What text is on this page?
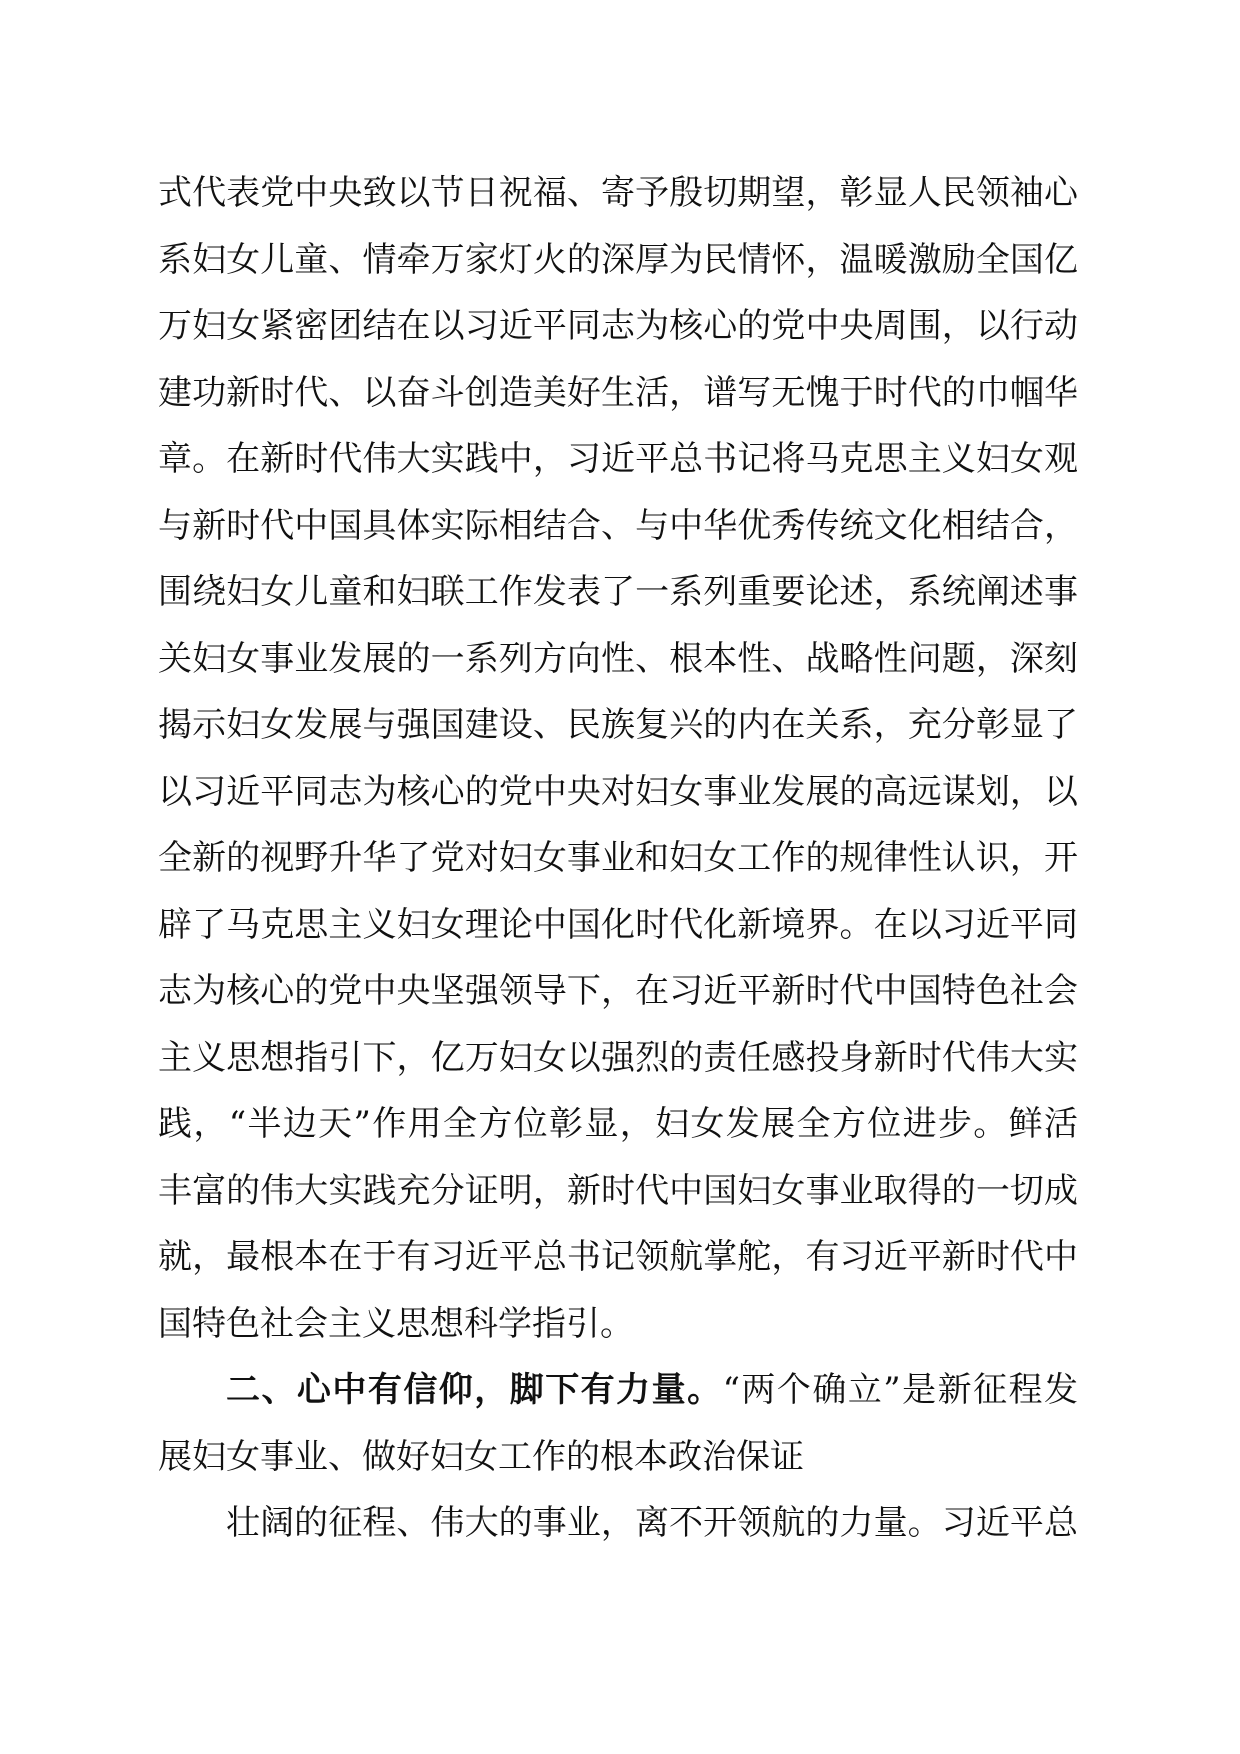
式代表党中央致以节日祝福、寄予殷切期望，彰显人民领袖心
系妇女儿童、情牵万家灯火的深厚为民情怀，温暖激励全国亿
万妇女紧密团结在以习近平同志为核心的党中央周围，以行动
建功新时代、以奋斗创造美好生活，谱写无愧于时代的巾帼华
章。在新时代伟大实践中，习近平总书记将马克思主义妇女观
与新时代中国具体实际相结合、与中华优秀传统文化相结合，
围绕妇女儿童和妇联工作发表了一系列重要论述，系统阐述事
关妇女事业发展的一系列方向性、根本性、战略性问题，深刻
揭示妇女发展与强国建设、民族复兴的内在关系，充分彰显了
以习近平同志为核心的党中央对妇女事业发展的高远谋划，以
全新的视野升华了党对妇女事业和妇女工作的规律性认识，开
辟了马克思主义妇女理论中国化时代化新境界。在以习近平同
志为核心的党中央坚强领导下，在习近平新时代中国特色社会
主义思想指引下，亿万妇女以强烈的责任感投身新时代伟大实
践，“半边天”作用全方位彰显，妇女发展全方位进步。鲜活
丰富的伟大实践充分证明，新时代中国妇女事业取得的一切成
就，最根本在于有习近平总书记领航掌舵，有习近平新时代中
国特色社会主义思想科学指引。
二、心中有信仰，脚下有力量。“两个确立”是新征程发
展妇女事业、做好妇女工作的根本政治保证
壮阔的征程、伟大的事业，离不开领航的力量。习近平总
